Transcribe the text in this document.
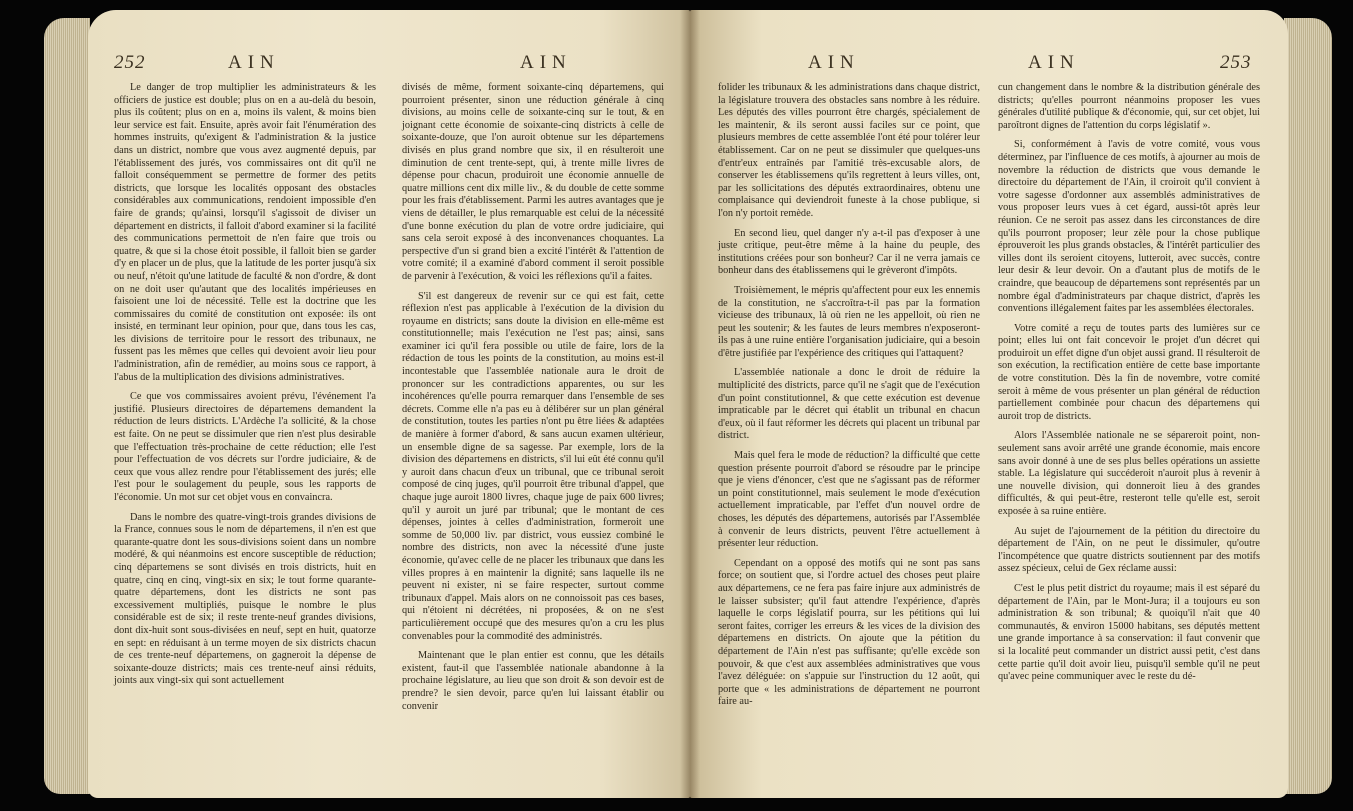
252	AIN	AIN

Le danger de trop multiplier les administrateurs & les officiers de justice est double; plus on en a au-delà du besoin, plus ils coûtent; plus on en a, moins ils valent, & moins bien leur service est fait. Ensuite, après avoir fait l'énumération des hommes instruits, qu'exigent & l'administration & la justice dans un district, nombre que vous avez augmenté depuis, par l'établissement des jurés, vos commissaires ont dit qu'il ne falloit conséquemment se permettre de former des petits districts, que lorsque les localités opposant des obstacles considérables aux communications, rendoient impossible d'en faire de grands; qu'ainsi, lorsqu'il s'agissoit de diviser un département en districts, il falloit d'abord examiner si la facilité des communications permettoit de n'en faire que trois ou quatre, & que si la chose étoit possible, il falloit bien se garder d'y en placer un de plus, que la latitude de les porter jusqu'à six ou neuf, n'étoit qu'une latitude de faculté & non d'ordre, & dont on ne doit user qu'autant que des localités impérieuses en faisoient une loi de nécessité. Telle est la doctrine que les commissaires du comité de constitution ont exposée: ils ont insisté, en terminant leur opinion, pour que, dans tous les cas, les divisions de territoire pour le ressort des tribunaux, ne fussent pas les mêmes que celles qui devoient avoir lieu pour l'administration, afin de remédier, au moins sous ce rapport, à l'abus de la multiplication des divisions administratives.

Ce que vos commissaires avoient prévu, l'événement l'a justifié. Plusieurs directoires de départemens demandent la réduction de leurs districts. L'Ardèche l'a sollicité, & la chose est faite. On ne peut se dissimuler que rien n'est plus desirable que l'effectuation très-prochaine de cette réduction; elle l'est pour l'effectuation de vos décrets sur l'ordre judiciaire, & de ceux que vous allez rendre pour l'établissement des jurés; elle l'est pour le soulagement du peuple, sous les rapports de l'économie. Un mot sur cet objet vous en convaincra.

Dans le nombre des quatre-vingt-trois grandes divisions de la France, connues sous le nom de départemens, il n'en est que quarante-quatre dont les sous-divisions soient dans un nombre modéré, & qui néanmoins est encore susceptible de réduction; cinq départemens se sont divisés en trois districts, huit en quatre, cinq en cinq, vingt-six en six; le tout forme quarante-quatre départemens, dont les districts ne sont pas excessivement multipliés, puisque le nombre le plus considérable est de six; il reste trente-neuf grandes divisions, dont dix-huit sont sous-divisées en neuf, sept en huit, quatorze en sept: en réduisant à un terme moyen de six districts chacun de ces trente-neuf départemens, on gagneroit la dépense de soixante-douze districts; mais ces trente-neuf ainsi réduits, joints aux vingt-six qui sont actuellement

divisés de même, forment soixante-cinq départemens, qui pourroient présenter, sinon une réduction générale à cinq divisions, au moins celle de soixante-cinq sur le tout, & en joignant cette économie de soixante-cinq districts à celle de soixante-douze, que l'on auroit obtenue sur les départemens divisés en plus grand nombre que six, il en résulteroit une diminution de cent trente-sept, qui, à trente mille livres de dépense pour chacun, produiroit une économie annuelle de quatre millions cent dix mille liv., & du double de cette somme pour les frais d'établissement. Parmi les autres avantages que je viens de détailler, le plus remarquable est celui de la nécessité d'une bonne exécution du plan de votre ordre judiciaire, qui sans cela seroit exposé à des inconvenances choquantes. La perspective d'un si grand bien a excité l'intérêt & l'attention de votre comité; il a examiné d'abord comment il seroit possible de parvenir à l'exécution, & voici les réflexions qu'il a faites.

S'il est dangereux de revenir sur ce qui est fait, cette réflexion n'est pas applicable à l'exécution de la division du royaume en districts; sans doute la division en elle-même est constitutionnelle; mais l'exécution ne l'est pas; ainsi, sans examiner ici qu'il fera possible ou utile de faire, lors de la rédaction de tous les points de la constitution, au moins est-il incontestable que l'assemblée nationale aura le droit de prononcer sur les contradictions apparentes, ou sur les incohérences qu'elle pourra remarquer dans l'ensemble de ses décrets. Comme elle n'a pas eu à délibérer sur un plan général de constitution, toutes les parties n'ont pu être liées & adaptées de manière à former d'abord, & sans aucun examen ultérieur, un ensemble digne de sa sagesse. Par exemple, lors de la division des départemens en districts, s'il lui eût été connu qu'il y auroit dans chacun d'eux un tribunal, que ce tribunal seroit composé de cinq juges, qu'il pourroit être tribunal d'appel, que chaque juge auroit 1800 livres, chaque juge de paix 600 livres; qu'il y auroit un juré par tribunal; que le montant de ces dépenses, jointes à celles d'administration, formeroit une somme de 50,000 liv. par district, vous eussiez combiné le nombre des districts, non avec la nécessité d'une juste économie, qu'avec celle de ne placer les tribunaux que dans les villes propres à en maintenir la dignité; sans laquelle ils ne peuvent ni exister, ni se faire respecter, surtout comme tribunaux d'appel. Mais alors on ne connoissoit pas ces bases, qui n'étoient ni décrétées, ni proposées, & on ne s'est particulièrement occupé que des mesures qu'on a cru les plus convenables pour la commodité des administrés.

Maintenant que le plan entier est connu, que les détails existent, faut-il que l'assemblée nationale abandonne à la prochaine législature, au lieu que son droit & son devoir est de prendre? le sien devoir, parce qu'en lui laissant établir ou convenir

AIN	AIN	253

folider les tribunaux & les administrations dans chaque district, la législature trouvera des obstacles sans nombre à les réduire. Les députés des villes pourront être chargés, spécialement de les maintenir, & ils seront aussi faciles sur ce point, que plusieurs membres de cette assemblée l'ont été pour tolérer leur établissement. Car on ne peut se dissimuler que quelques-uns d'entr'eux entraînés par l'amitié très-excusable alors, de conserver les établissemens qu'ils regrettent à leurs villes, ont, par les sollicitations des députés extraordinaires, obtenu une complaisance qui deviendroit funeste à la chose publique, si l'on n'y portoit remède.

En second lieu, quel danger n'y a-t-il pas d'exposer à une juste critique, peut-être même à la haine du peuple, des institutions créées pour son bonheur? Car il ne verra jamais ce bonheur dans des établissemens qui le grèveront d'impôts.

Troisièmement, le mépris qu'affectent pour eux les ennemis de la constitution, ne s'accroîtra-t-il pas par la formation vicieuse des tribunaux, là où rien ne les appelloit, où rien ne peut les soutenir; & les fautes de leurs membres n'exposeront-ils pas à une ruine entière l'organisation judiciaire, qui a besoin d'être justifiée par l'expérience des critiques qui l'attaquent?

L'assemblée nationale a donc le droit de réduire la multiplicité des districts, parce qu'il ne s'agit que de l'exécution d'un point constitutionnel, & que cette exécution est devenue impraticable par le décret qui établit un tribunal en chacun d'eux, où il faut réformer les décrets qui placent un tribunal par district.

Mais quel fera le mode de réduction? la difficulté que cette question présente pourroit d'abord se résoudre par le principe que je viens d'énoncer, c'est que ne s'agissant pas de réformer un point constitutionnel, mais seulement le mode d'exécution actuellement impraticable, par l'effet d'un nouvel ordre de choses, les députés des départemens, autorisés par l'Assemblée à convenir de leurs districts, peuvent l'être actuellement à présenter leur réduction.

Cependant on a opposé des motifs qui ne sont pas sans force; on soutient que, si l'ordre actuel des choses peut plaire aux départemens, ce ne fera pas faire injure aux administrés de le laisser subsister; qu'il faut attendre l'expérience, d'après laquelle le corps législatif pourra, sur les pétitions qui lui seront faites, corriger les erreurs & les vices de la division des départemens en districts. On ajoute que la pétition du département de l'Ain n'est pas suffisante; qu'elle excède son pouvoir, & que c'est aux assemblées administratives que vous l'avez déléguée: on s'appuie sur l'instruction du 12 août, qui porte que « les administrations de département ne pourront faire au-

cun changement dans le nombre & la distribution générale des districts; qu'elles pourront néanmoins proposer les vues générales d'utilité publique & d'économie, qui, sur cet objet, lui paroîtront dignes de l'attention du corps législatif ».

Si, conformément à l'avis de votre comité, vous vous déterminez, par l'influence de ces motifs, à ajourner au mois de novembre la réduction de districts que vous demande le directoire du département de l'Ain, il croiroit qu'il convient à votre sagesse d'ordonner aux assemblés administratives de vous proposer leurs vues à cet égard, aussi-tôt après leur réunion. Ce ne seroit pas assez dans les circonstances de dire qu'ils pourront proposer; leur zèle pour la chose publique éprouveroit les plus grands obstacles, & l'intérêt particulier des villes dont ils seroient citoyens, lutteroit, avec succès, contre leur desir & leur devoir. On a d'autant plus de motifs de le craindre, que beaucoup de départemens sont représentés par un nombre égal d'administrateurs par chaque district, d'après les conventions illégalement faites par les assemblées électorales.

Votre comité a reçu de toutes parts des lumières sur ce point; elles lui ont fait concevoir le projet d'un décret qui produiroit un effet digne d'un objet aussi grand. Il résulteroit de son exécution, la rectification entière de cette base importante de votre constitution. Dès la fin de novembre, votre comité seroit à même de vous présenter un plan général de réduction partiellement combinée pour chacun des départemens qui auroit trop de districts.

Alors l'Assemblée nationale ne se sépareroit point, non-seulement sans avoir arrêté une grande économie, mais encore sans avoir donné à une de ses plus belles opérations un assiette stable. La législature qui succéderoit n'auroit plus à revenir à une nouvelle division, qui donneroit lieu à des grandes difficultés, & qui peut-être, resteront telle qu'elle est, seroit exposée à sa ruine entière.

Au sujet de l'ajournement de la pétition du directoire du département de l'Ain, on ne peut le dissimuler, qu'outre l'incompétence que quatre districts soutiennent par des motifs assez spécieux, celui de Gex réclame aussi:

C'est le plus petit district du royaume; mais il est séparé du département de l'Ain, par le Mont-Jura; il a toujours eu son administration & son tribunal; & quoiqu'il n'ait que 40 communautés, & environ 15000 habitans, ses députés mettent une grande importance à sa conservation: il faut convenir que si la localité peut commander un district aussi petit, c'est dans cette partie qu'il doit avoir lieu, puisqu'il semble qu'il ne peut qu'avec peine communiquer avec le reste du dé-
